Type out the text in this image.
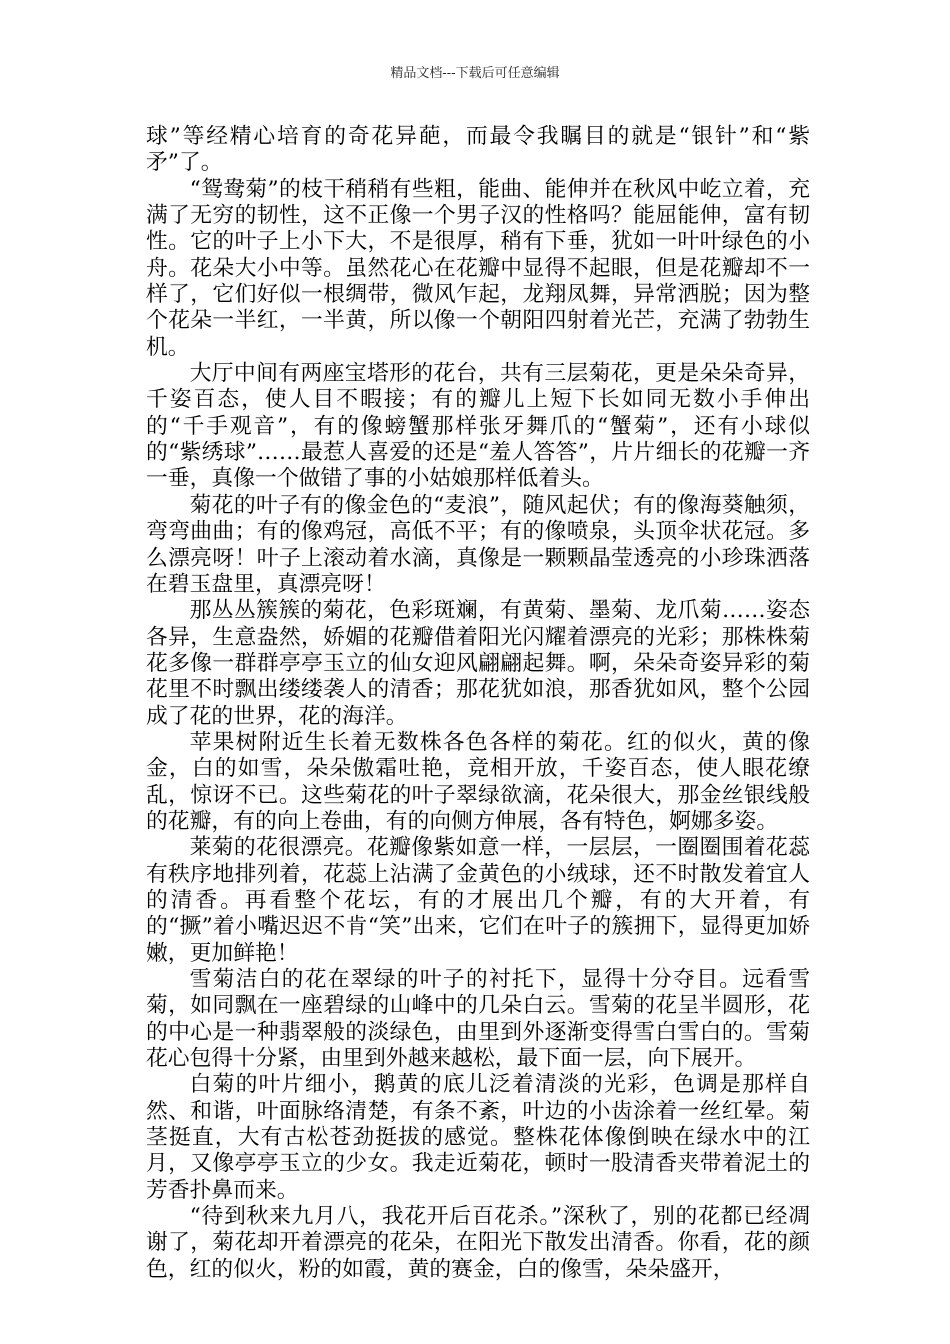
精品文档---下载后可任意编辑

球”等经精心培育的奇花异葩，而最令我瞩目的就是“银针”和“紫矛”了。

“鸳鸯菊”的枝干稍稍有些粗，能曲、能伸并在秋风中屹立着，充满了无穷的韧性，这不正像一个男子汉的性格吗？能屈能伸，富有韧性。它的叶子上小下大，不是很厚，稍有下垂，犹如一叶叶绿色的小舟。花朵大小中等。虽然花心在花瓣中显得不起眼，但是花瓣却不一样了，它们好似一根绸带，微风乍起，龙翔凤舞，异常洒脱；因为整个花朵一半红，一半黄，所以像一个朝阳四射着光芒，充满了勃勃生机。

大厅中间有两座宝塔形的花台，共有三层菊花，更是朵朵奇异，千姿百态，使人目不暇接；有的瓣儿上短下长如同无数小手伸出的“千手观音”，有的像螃蟹那样张牙舞爪的“蟹菊”，还有小球似的“紫绣球”……最惹人喜爱的还是“羞人答答”，片片细长的花瓣一齐一垂，真像一个做错了事的小姑娘那样低着头。

菊花的叶子有的像金色的“麦浪”，随风起伏；有的像海葵触须，弯弯曲曲；有的像鸡冠，高低不平；有的像喷泉，头顶伞状花冠。多么漂亮呀！叶子上滚动着水滴，真像是一颗颗晶莹透亮的小珍珠洒落在碧玉盘里，真漂亮呀！

那丛丛簇簇的菊花，色彩斑斓，有黄菊、墨菊、龙爪菊……姿态各异，生意盎然，娇媚的花瓣借着阳光闪耀着漂亮的光彩；那株株菊花多像一群群亭亭玉立的仙女迎风翩翩起舞。啊，朵朵奇姿异彩的菊花里不时飘出缕缕袭人的清香；那花犹如浪，那香犹如风，整个公园成了花的世界，花的海洋。

苹果树附近生长着无数株各色各样的菊花。红的似火，黄的像金，白的如雪，朵朵傲霜吐艳，竞相开放，千姿百态，使人眼花缭乱，惊讶不已。这些菊花的叶子翠绿欲滴，花朵很大，那金丝银线般的花瓣，有的向上卷曲，有的向侧方伸展，各有特色，婀娜多姿。

莱菊的花很漂亮。花瓣像紫如意一样，一层层，一圈圈围着花蕊有秩序地排列着，花蕊上沾满了金黄色的小绒球，还不时散发着宜人的清香。再看整个花坛，有的才展出几个瓣，有的大开着，有的“撅”着小嘴迟迟不肯“笑”出来，它们在叶子的簇拥下，显得更加娇嫩，更加鲜艳！

雪菊洁白的花在翠绿的叶子的衬托下，显得十分夺目。远看雪菊，如同飘在一座碧绿的山峰中的几朵白云。雪菊的花呈半圆形，花的中心是一种翡翠般的淡绿色，由里到外逐渐变得雪白雪白的。雪菊花心包得十分紧，由里到外越来越松，最下面一层，向下展开。

白菊的叶片细小，鹅黄的底儿泛着清淡的光彩，色调是那样自然、和谐，叶面脉络清楚，有条不紊，叶边的小齿涂着一丝红晕。菊茎挺直，大有古松苍劲挺拔的感觉。整株花体像倒映在绿水中的江月，又像亭亭玉立的少女。我走近菊花，顿时一股清香夹带着泥土的芳香扑鼻而来。

“待到秋来九月八，我花开后百花杀。”深秋了，别的花都已经凋谢了，菊花却开着漂亮的花朵，在阳光下散发出清香。你看，花的颜色，红的似火，粉的如霞，黄的赛金，白的像雪，朵朵盛开，
